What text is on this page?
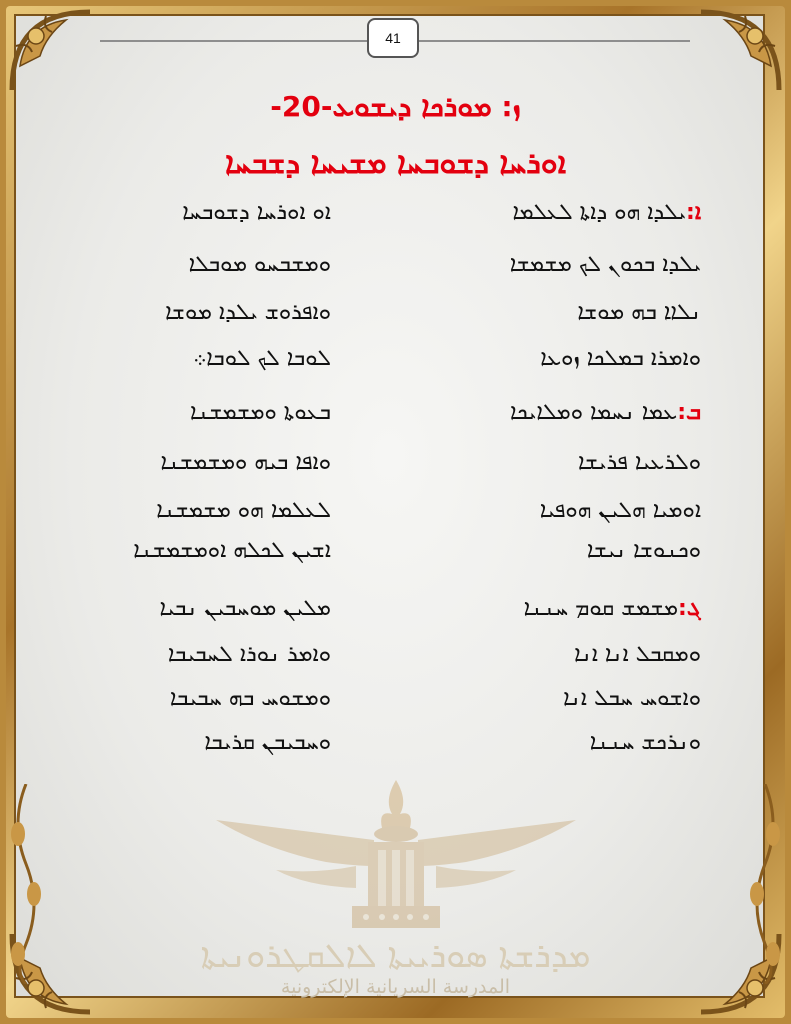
41
ܙ: ܡܘܪܟܐ ܕܝܫܘܥ-20-
ܐܘܪܚܐ ܕܫܘܒܚܐ ܡܫܝܚܐ ܕܫܒܚܐ
ܐ:ܝܠܕܐ ܗܘ ܕܐܬܐ ܠܥܠܡܐ
ܐܘ ܐܘܪܚܐ ܕܫܘܒܚܐ
ܝܠܕܐ ܒܟܘܢ ܠܟ ܡܫܡܫܐ
ܘܡܫܒܚܘ ܡܘܒܠܐ
ܢܠܐܐ ܒܗ ܡܘܫܐ
ܘܐܦܪܘܫ ܝܠܕܐ ܡܘܫܐ
ܘܐܡܪܐ ܒܡܠܟܐ ܙܘܥܐ
ܠܘܒܐ ܠܟ ܠܘܒܐ܀
ܒ:ܥܡܐ ܢܚܡܐ ܘܡܠܐܝܟܐ
ܒܥܘܬܐ ܘܡܫܡܫܢܐ
ܘܠܪܥܝܐ ܦܪܝܫܐ
ܘܐܦܐ ܒܝܗ ܘܡܫܡܫܢܐ
ܐܘܡܝܐ ܗܠܝܢ ܗܘܦܝܐ
ܠܥܠܡܐ ܗܘ ܡܫܡܫܢܐ
ܘܟܢܘܫܐ ܢܝܫܐ
ܐܫܝܢ ܠܟܠܗ ܐܘܡܫܡܫܢܐ
ܓ:ܡܫܡܫ ܩܘܡ ܚܢܢܐ
ܡܠܝܢ ܡܘܚܒܝܢ ܢܒܝܐ
ܘܡܩܒܠ ܐܢܐ ܐܢܐ
ܘܐܡܪ ܢܘܪܐ ܠܚܒܝܒܐ
ܘܐܫܘܚ ܚܒܠ ܐܢܐ
ܘܡܫܘܚ ܒܗ ܚܒܝܒܐ
ܘܢܪܟܫ ܚܢܢܐ
ܘܚܒܝܒܢ ܩܪܝܒܐ
ܡܕܪܫܬܐ ܣܘܪܝܝܬܐ ܠܐܠܩܛܪܘܢܝܬܐ
المدرسة السريانية الإلكترونية
